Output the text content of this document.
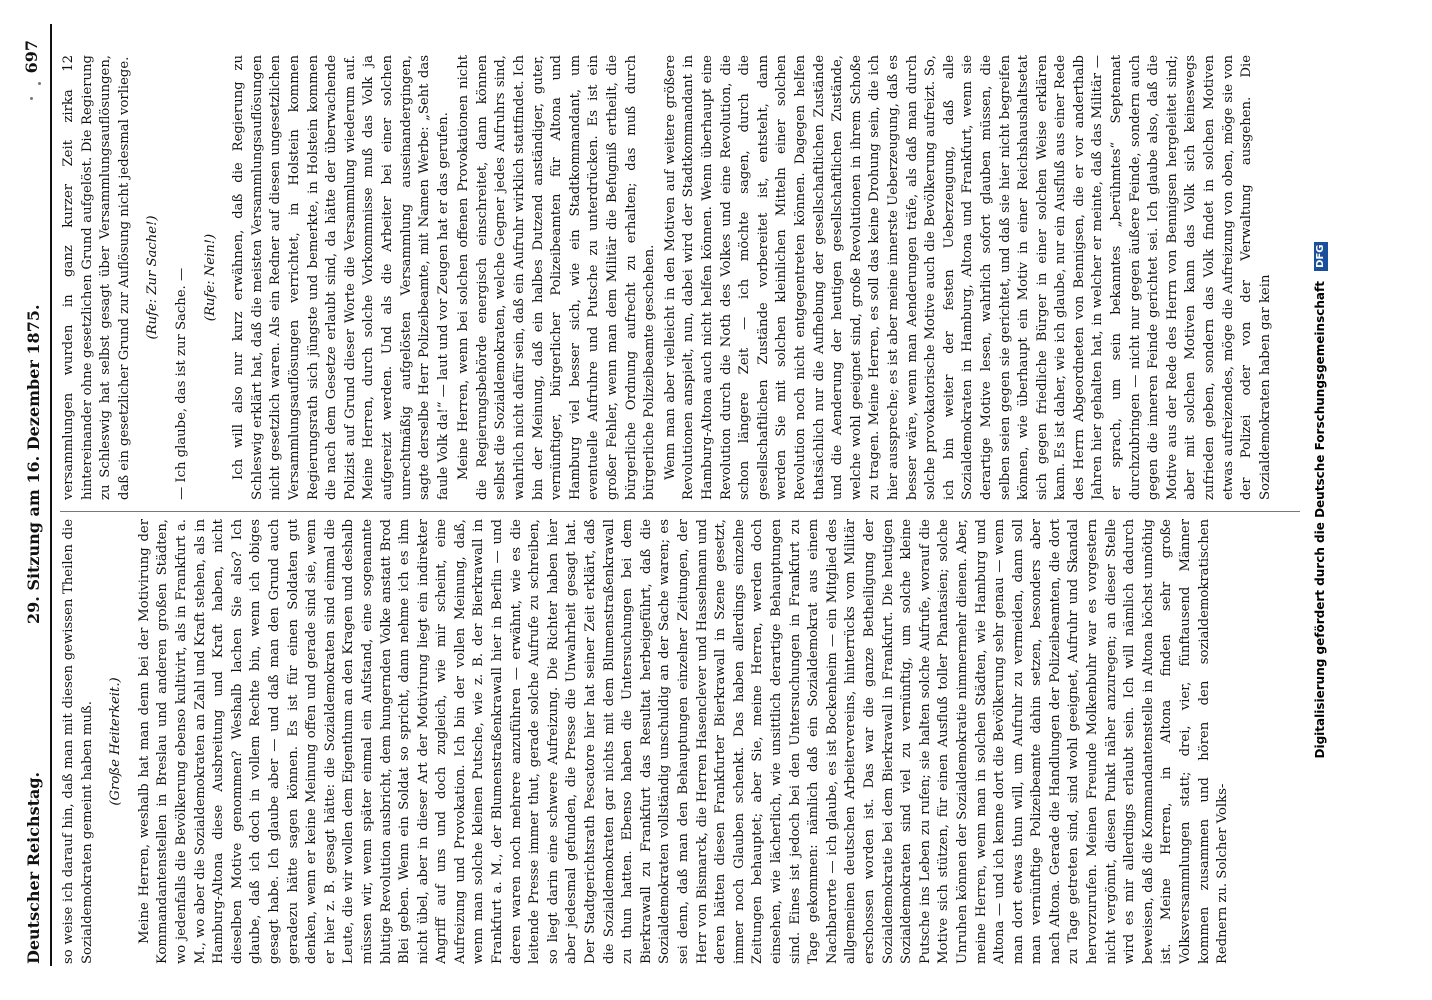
Deutscher Reichstag.
29. Sitzung am 16. Dezember 1875.
697

so weise ich darauf hin, daß man mit diesen gewissen Theilen die Sozialdemokraten gemeint haben muß. (Große Heiterkeit.) Meine Herren, weshalb hat man denn bei der Motivirung der Kommandantenstellen in Breslau und anderen großen Städten, wo jedenfalls die Bevölkerung ebenso kultivirt, als in Frankfurt a. M., wo aber die Sozialdemokraten an Zahl und Kraft stehen, als in Hamburg-Altona diese Ausbreitung und Kraft haben, nicht dieselben Motive genommen? Weshalb lachen Sie also? Ich glaube, daß ich doch in vollem Rechte bin, wenn ich obiges gesagt habe. Ich glaube aber — und daß man den Grund auch geradezu hätte sagen können. Es ist für einen Soldaten gut denken, wenn er keine Meinung offen und gerade sind sie, wenn er hier z. B. gesagt hätte: die Sozialdemokraten sind einmal die Leute, die wir wollen dem Eigenthum an den Kragen und deshalb müssen wir, wenn später einmal ein Aufstand, eine sogenannte blutige Revolution ausbricht, dem hungernden Volke anstatt Brod Blei geben. Wenn ein Soldat so spricht, dann nehme ich es ihm nicht übel, aber in dieser Art der Motivirung liegt ein indirekter Angriff auf uns und doch zugleich, wie mir scheint, eine Aufreizung und Provokation. Ich bin der vollen Meinung, daß, wenn man solche kleinen Putsche, wie z. B. der Bierkrawall in Frankfurt a. M., der Blumenstraßenkrawall hier in Berlin — und deren waren noch mehrere anzuführen — erwähnt, wie es die leitende Presse immer thut, gerade solche Aufrufe zu schreiben, so liegt darin eine schwere Aufreizung. Die Richter haben hier aber jedesmal gefunden, die Presse die Unwahrheit gesagt hat. Der Stadtgerichtsrath Pescatore hier hat seiner Zeit erklärt, daß die Sozialdemokraten gar nichts mit dem Blumenstraßenkrawall zu thun hatten. Ebenso haben die Untersuchungen bei dem Bierkrawall zu Frankfurt das Resultat herbeigeführt, daß die Sozialdemokraten vollständig unschuldig an der Sache waren; es sei denn, daß man den Behauptungen einzelner Zeitungen, der Herr von Bismarck, die Herren Hasenclever und Hasselmann und deren hätten diesen Frankfurter Bierkrawall in Szene gesetzt, immer noch Glauben schenkt. Das haben allerdings einzelne Zeitungen behauptet; aber Sie, meine Herren, werden doch einsehen, wie lächerlich, wie unsittlich derartige Behauptungen sind. Eines ist jedoch bei den Untersuchungen in Frankfurt zu Tage gekommen: nämlich daß ein Sozialdemokrat aus einem Nachbarorte — ich glaube, es ist Bockenheim — ein Mitglied des allgemeinen deutschen Arbeitervereins, hinterrücks vom Militär erschossen worden ist. Das war die ganze Betheiligung der Sozialdemokratie bei dem Bierkrawall in Frankfurt. Die heutigen Sozialdemokraten sind viel zu vernünftig, um solche kleine Putsche ins Leben zu rufen; sie halten solche Aufrufe, worauf die Motive sich stützen, für einen Ausfluß toller Phantasien; solche Unruhen können der Sozialdemokratie nimmermehr dienen. Aber, meine Herren, wenn man in solchen Städten, wie Hamburg und Altona — und ich kenne dort die Bevölkerung sehr genau — wenn man dort etwas thun will, um Aufruhr zu vermeiden, dann soll man vernünftige Polizeibeamte dahin setzen, besonders aber nach Altona. Gerade die Handlungen der Polizeibeamten, die dort zu Tage getreten sind, sind wohl geeignet, Aufruhr und Skandal hervorzurufen. Meinen Freunde Molkenbuhr war es vorgestern nicht vergönnt, diesen Punkt näher anzuregen; an dieser Stelle wird es mir allerdings erlaubt sein. Ich will nämlich dadurch beweisen, daß die Kommandantenstelle in Altona höchst unnöthig ist. Meine Herren, in Altona finden sehr große Volksversammlungen statt; drei, vier, fünftausend Männer kommen zusammen und hören den sozialdemokratischen Rednern zu. Solcher Volks-

versammlungen wurden in ganz kurzer Zeit zirka 12 hintereinander ohne gesetzlichen Grund aufgelöst. Die Regierung zu Schleswig hat selbst gesagt über Versammlungsauflösungen, daß ein gesetzlicher Grund zur Auflösung nicht jedesmal vorliege. (Rufe: Zur Sache!) — Ich glaube, das ist zur Sache. — (Rufe: Nein!) Ich will also nur kurz erwähnen, daß die Regierung zu Schleswig erklärt hat, daß die meisten Versammlungsauflösungen nicht gesetzlich waren. Als ein Redner auf diesen ungesetzlichen Versammlungsauflösungen verrichtet, in Holstein kommen Regierungsrath sich jüngste und bemerkte, in Holstein kommen die nach dem Gesetze erlaubt sind, da hätte der überwachende Polizist auf Grund dieser Worte die Versammlung wiederum auf. Meine Herren, durch solche Vorkommnisse muß das Volk ja aufgereizt werden. Und als die Arbeiter bei einer solchen unrechtmäßig aufgelösten Versammlung auseinandergingen, sagte derselbe Herr Polizeibeamte, mit Namen Werbe: „Seht das faule Volk da!“ — laut und vor Zeugen hat er das gerufen. Meine Herren, wenn bei solchen offenen Provokationen nicht die Regierungsbehörde energisch einschreitet, dann können selbst die Sozialdemokraten, welche Gegner jedes Aufruhrs sind, wahrlich nicht dafür sein, daß ein Aufruhr wirklich stattfindet. Ich bin der Meinung, daß ein halbes Dutzend anständiger, guter, vernünftiger, bürgerlicher Polizeibeamten für Altona und Hamburg viel besser sich, wie ein Stadtkommandant, um eventuelle Aufruhre und Putsche zu unterdrücken. Es ist ein großer Fehler, wenn man dem Militär die Befugniß ertheilt, die bürgerliche Ordnung aufrecht zu erhalten; das muß durch bürgerliche Polizeibeamte geschehen. Wenn man aber vielleicht in den Motiven auf weitere größere Revolutionen anspielt, nun, dabei wird der Stadtkommandant in Hamburg-Altona auch nicht helfen können. Wenn überhaupt eine Revolution durch die Noth des Volkes und eine Revolution, die schon längere Zeit — ich möchte sagen, durch die gesellschaftlichen Zustände vorbereitet ist, entsteht, dann werden Sie mit solchen kleinlichen Mitteln einer solchen Revolution noch nicht entgegentreten können. Dagegen helfen thatsächlich nur die Aufhebung der gesellschaftlichen Zustände und die Aenderung der heutigen gesellschaftlichen Zustände, welche wohl geeignet sind, große Revolutionen in ihrem Schoße zu tragen. Meine Herren, es soll das keine Drohung sein, die ich hier ausspreche; es ist aber meine innerste Ueberzeugung, daß es besser wäre, wenn man Aenderungen träfe, als daß man durch solche provokatorische Motive auch die Bevölkerung aufreizt. So, ich bin weiter der festen Ueberzeugung, daß alle Sozialdemokraten in Hamburg, Altona und Frankfurt, wenn sie derartige Motive lesen, wahrlich sofort glauben müssen, die selben seien gegen sie gerichtet, und daß sie hier nicht begreifen können, wie überhaupt ein Motiv in einer Reichshaushaltsetat sich gegen friedliche Bürger in einer solchen Weise erklären kann. Es ist daher, wie ich glaube, nur ein Ausfluß aus einer Rede des Herrn Abgeordneten von Bennigsen, die er vor anderthalb Jahren hier gehalten hat, in welcher er meinte, daß das Militär — er sprach, um sein bekanntes „berühmtes“ Septennat durchzubringen — nicht nur gegen äußere Feinde, sondern auch gegen die inneren Feinde gerichtet sei. Ich glaube also, daß die Motive aus der Rede des Herrn von Bennigsen hergeleitet sind; aber mit solchen Motiven kann das Volk sich keineswegs zufrieden geben, sondern das Volk findet in solchen Motiven etwas aufreizendes, möge die Aufreizung von oben, möge sie von der Polizei oder von der Verwaltung ausgehen. Die Sozialdemokraten haben gar kein	Digitalisierung gefördert durch die Deutsche Forschungsgemeinschaft DFG
